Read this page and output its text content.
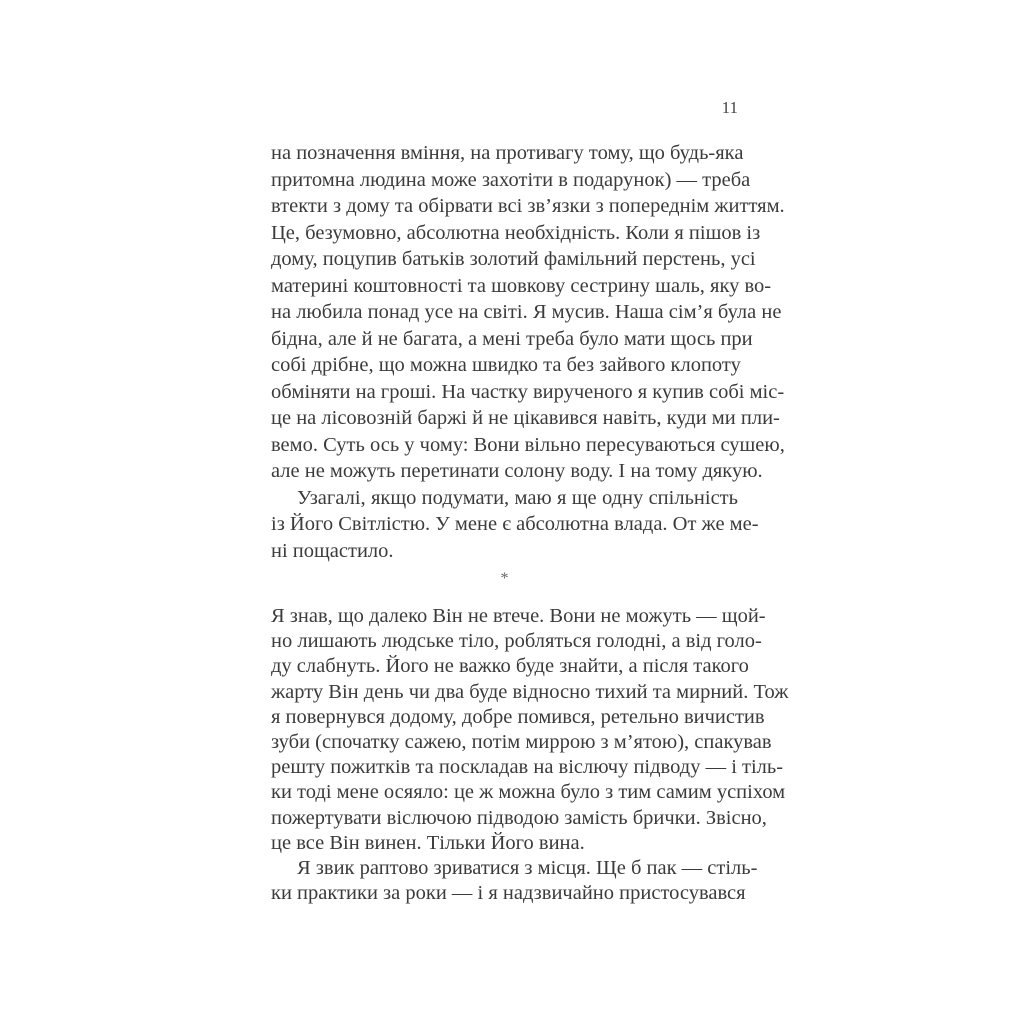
11
на позначення вміння, на противагу тому, що будь-яка
притомна людина може захотіти в подарунок) — треба
втекти з дому та обірвати всі зв’язки з попереднім життям.
Це, безумовно, абсолютна необхідність. Коли я пішов із
дому, поцупив батьків золотий фамільний перстень, усі
материні коштовності та шовкову сестрину шаль, яку во-
на любила понад усе на світі. Я мусив. Наша сім’я була не
бідна, але й не багата, а мені треба було мати щось при
собі дрібне, що можна швидко та без зайвого клопоту
обміняти на гроші. На частку вирученого я купив собі міс-
це на лісовозній баржі й не цікавився навіть, куди ми пли-
вемо. Суть ось у чому: Вони вільно пересуваються сушею,
але не можуть перетинати солону воду. І на тому дякую.
Узагалі, якщо подумати, маю я ще одну спільність
із Його Світлістю. У мене є абсолютна влада. От же ме-
ні пощастило.
*
Я знав, що далеко Він не втече. Вони не можуть — щой-
но лишають людське тіло, робляться голодні, а від голо-
ду слабнуть. Його не важко буде знайти, а після такого
жарту Він день чи два буде відносно тихий та мирний. Тож
я повернувся додому, добре помився, ретельно вичистив
зуби (спочатку сажею, потім миррою з м’ятою), спакував
решту пожитків та поскладав на віслючу підводу — і тіль-
ки тоді мене осяяло: це ж можна було з тим самим успіхом
пожертувати віслючою підводою замість брички. Звісно,
це все Він винен. Тільки Його вина.
Я звик раптово зриватися з місця. Ще б пак — стіль-
ки практики за роки — і я надзвичайно пристосувався
